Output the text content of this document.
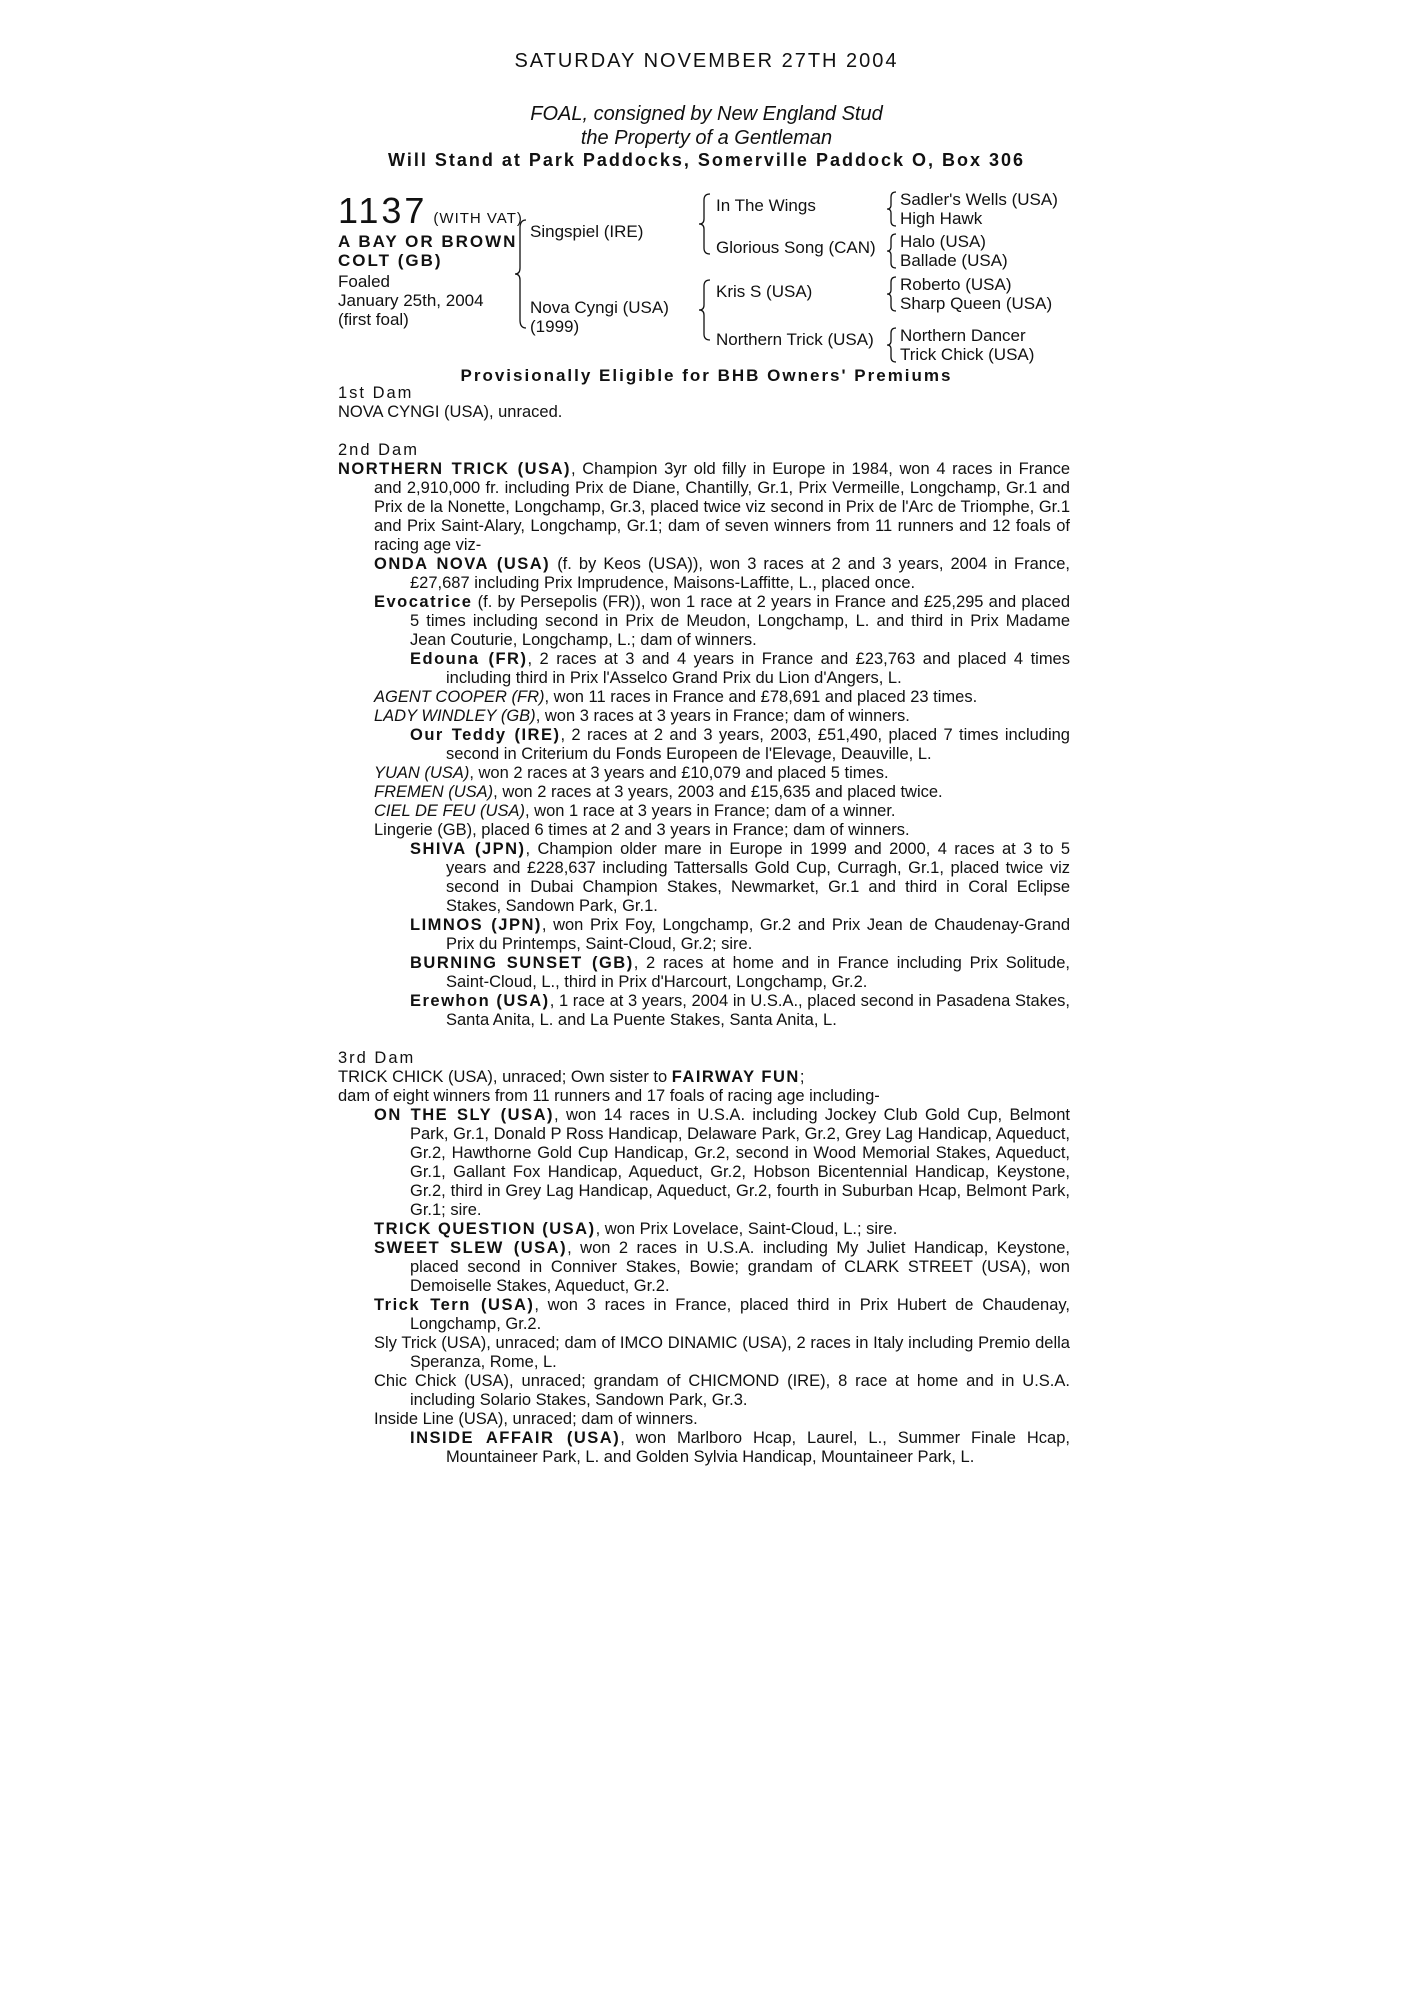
SATURDAY NOVEMBER 27TH 2004
FOAL, consigned by New England Stud
the Property of a Gentleman
Will Stand at Park Paddocks, Somerville Paddock O, Box 306
1137 (WITH VAT)
A BAY OR BROWN
COLT (GB)
Foaled
January 25th, 2004
(first foal)
Singspiel (IRE)
Nova Cyngi (USA)
(1999)
In The Wings
Glorious Song (CAN)
Kris S (USA)
Northern Trick (USA)
Sadler's Wells (USA)
High Hawk
Halo (USA)
Ballade (USA)
Roberto (USA)
Sharp Queen (USA)
Northern Dancer
Trick Chick (USA)
Provisionally Eligible for BHB Owners' Premiums
1st Dam
NOVA CYNGI (USA), unraced.
2nd Dam
NORTHERN TRICK (USA), Champion 3yr old filly in Europe in 1984, won 4 races in France and 2,910,000 fr. including Prix de Diane, Chantilly, Gr.1, Prix Vermeille, Longchamp, Gr.1 and Prix de la Nonette, Longchamp, Gr.3, placed twice viz second in Prix de l'Arc de Triomphe, Gr.1 and Prix Saint-Alary, Longchamp, Gr.1; dam of seven winners from 11 runners and 12 foals of racing age viz-
ONDA NOVA (USA) (f. by Keos (USA)), won 3 races at 2 and 3 years, 2004 in France, £27,687 including Prix Imprudence, Maisons-Laffitte, L., placed once.
Evocatrice (f. by Persepolis (FR)), won 1 race at 2 years in France and £25,295 and placed 5 times including second in Prix de Meudon, Longchamp, L. and third in Prix Madame Jean Couturie, Longchamp, L.; dam of winners.
Edouna (FR), 2 races at 3 and 4 years in France and £23,763 and placed 4 times including third in Prix l'Asselco Grand Prix du Lion d'Angers, L.
AGENT COOPER (FR), won 11 races in France and £78,691 and placed 23 times.
LADY WINDLEY (GB), won 3 races at 3 years in France; dam of winners.
Our Teddy (IRE), 2 races at 2 and 3 years, 2003, £51,490, placed 7 times including second in Criterium du Fonds Europeen de l'Elevage, Deauville, L.
YUAN (USA), won 2 races at 3 years and £10,079 and placed 5 times.
FREMEN (USA), won 2 races at 3 years, 2003 and £15,635 and placed twice.
CIEL DE FEU (USA), won 1 race at 3 years in France; dam of a winner.
Lingerie (GB), placed 6 times at 2 and 3 years in France; dam of winners.
SHIVA (JPN), Champion older mare in Europe in 1999 and 2000, 4 races at 3 to 5 years and £228,637 including Tattersalls Gold Cup, Curragh, Gr.1, placed twice viz second in Dubai Champion Stakes, Newmarket, Gr.1 and third in Coral Eclipse Stakes, Sandown Park, Gr.1.
LIMNOS (JPN), won Prix Foy, Longchamp, Gr.2 and Prix Jean de Chaudenay-Grand Prix du Printemps, Saint-Cloud, Gr.2; sire.
BURNING SUNSET (GB), 2 races at home and in France including Prix Solitude, Saint-Cloud, L., third in Prix d'Harcourt, Longchamp, Gr.2.
Erewhon (USA), 1 race at 3 years, 2004 in U.S.A., placed second in Pasadena Stakes, Santa Anita, L. and La Puente Stakes, Santa Anita, L.
3rd Dam
TRICK CHICK (USA), unraced; Own sister to FAIRWAY FUN;
dam of eight winners from 11 runners and 17 foals of racing age including-
ON THE SLY (USA), won 14 races in U.S.A. including Jockey Club Gold Cup, Belmont Park, Gr.1, Donald P Ross Handicap, Delaware Park, Gr.2, Grey Lag Handicap, Aqueduct, Gr.2, Hawthorne Gold Cup Handicap, Gr.2, second in Wood Memorial Stakes, Aqueduct, Gr.1, Gallant Fox Handicap, Aqueduct, Gr.2, Hobson Bicentennial Handicap, Keystone, Gr.2, third in Grey Lag Handicap, Aqueduct, Gr.2, fourth in Suburban Hcap, Belmont Park, Gr.1; sire.
TRICK QUESTION (USA), won Prix Lovelace, Saint-Cloud, L.; sire.
SWEET SLEW (USA), won 2 races in U.S.A. including My Juliet Handicap, Keystone, placed second in Conniver Stakes, Bowie; grandam of CLARK STREET (USA), won Demoiselle Stakes, Aqueduct, Gr.2.
Trick Tern (USA), won 3 races in France, placed third in Prix Hubert de Chaudenay, Longchamp, Gr.2.
Sly Trick (USA), unraced; dam of IMCO DINAMIC (USA), 2 races in Italy including Premio della Speranza, Rome, L.
Chic Chick (USA), unraced; grandam of CHICMOND (IRE), 8 race at home and in U.S.A. including Solario Stakes, Sandown Park, Gr.3.
Inside Line (USA), unraced; dam of winners.
INSIDE AFFAIR (USA), won Marlboro Hcap, Laurel, L., Summer Finale Hcap, Mountaineer Park, L. and Golden Sylvia Handicap, Mountaineer Park, L.
